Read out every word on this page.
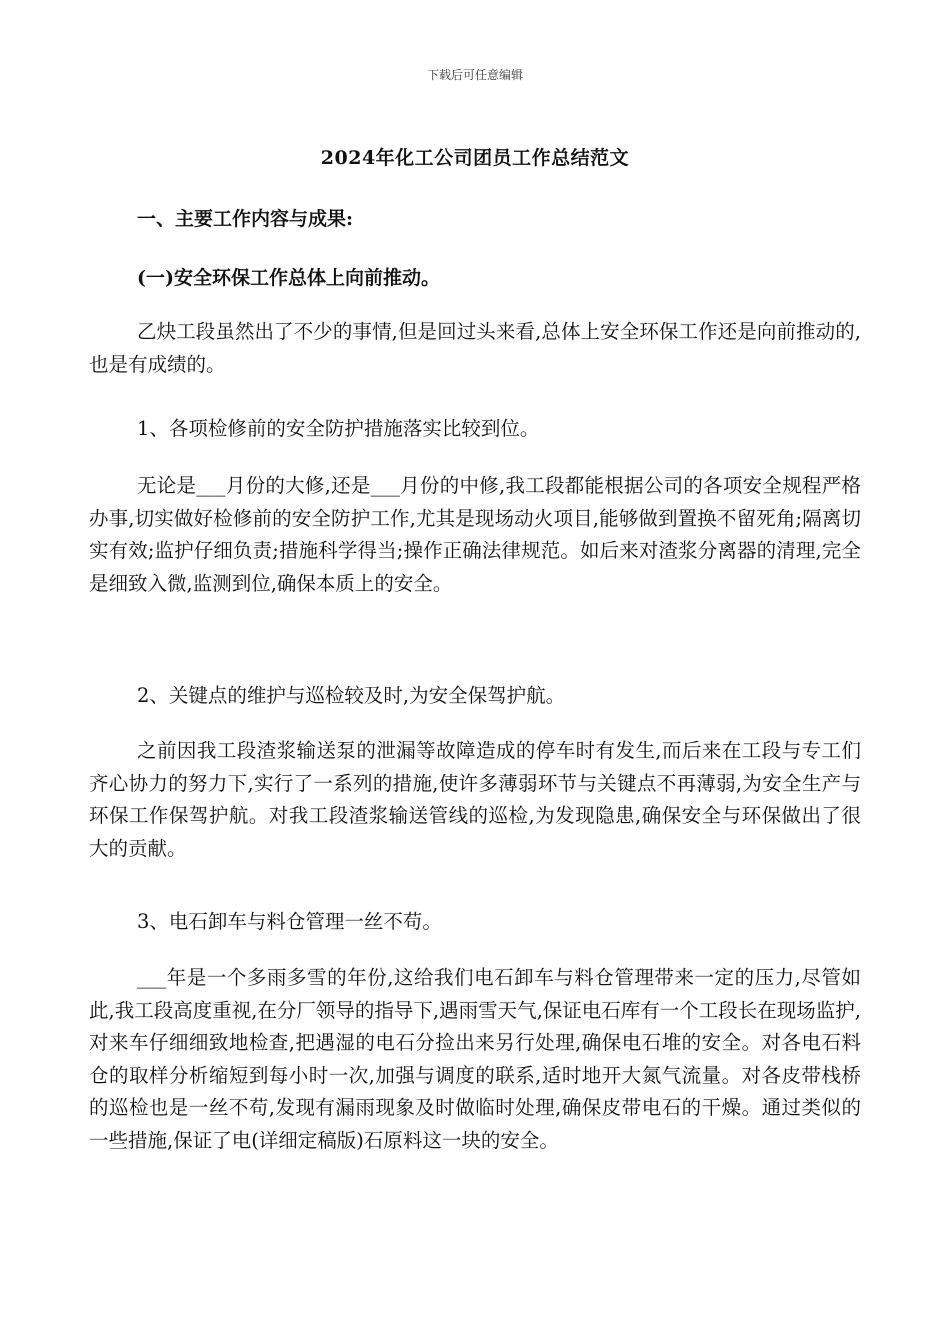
下载后可任意编辑
2024年化工公司团员工作总结范文
一、主要工作内容与成果:
(一)安全环保工作总体上向前推动。

乙炔工段虽然出了不少的事情,但是回过头来看,总体上安全环保工作还是向前推动的,也是有成绩的。

1、各项检修前的安全防护措施落实比较到位。

无论是___月份的大修,还是___月份的中修,我工段都能根据公司的各项安全规程严格办事,切实做好检修前的安全防护工作,尤其是现场动火项目,能够做到置换不留死角;隔离切实有效;监护仔细负责;措施科学得当;操作正确法律规范。如后来对渣浆分离器的清理,完全是细致入微,监测到位,确保本质上的安全。

2、关键点的维护与巡检较及时,为安全保驾护航。

之前因我工段渣浆输送泵的泄漏等故障造成的停车时有发生,而后来在工段与专工们齐心协力的努力下,实行了一系列的措施,使许多薄弱环节与关键点不再薄弱,为安全生产与环保工作保驾护航。对我工段渣浆输送管线的巡检,为发现隐患,确保安全与环保做出了很大的贡献。

3、电石卸车与料仓管理一丝不苟。

___年是一个多雨多雪的年份,这给我们电石卸车与料仓管理带来一定的压力,尽管如此,我工段高度重视,在分厂领导的指导下,遇雨雪天气,保证电石库有一个工段长在现场监护,对来车仔细细致地检查,把遇湿的电石分捡出来另行处理,确保电石堆的安全。对各电石料仓的取样分析缩短到每小时一次,加强与调度的联系,适时地开大氮气流量。对各皮带栈桥的巡检也是一丝不苟,发现有漏雨现象及时做临时处理,确保皮带电石的干燥。通过类似的一些措施,保证了电(详细定稿版)石原料这一块的安全。
